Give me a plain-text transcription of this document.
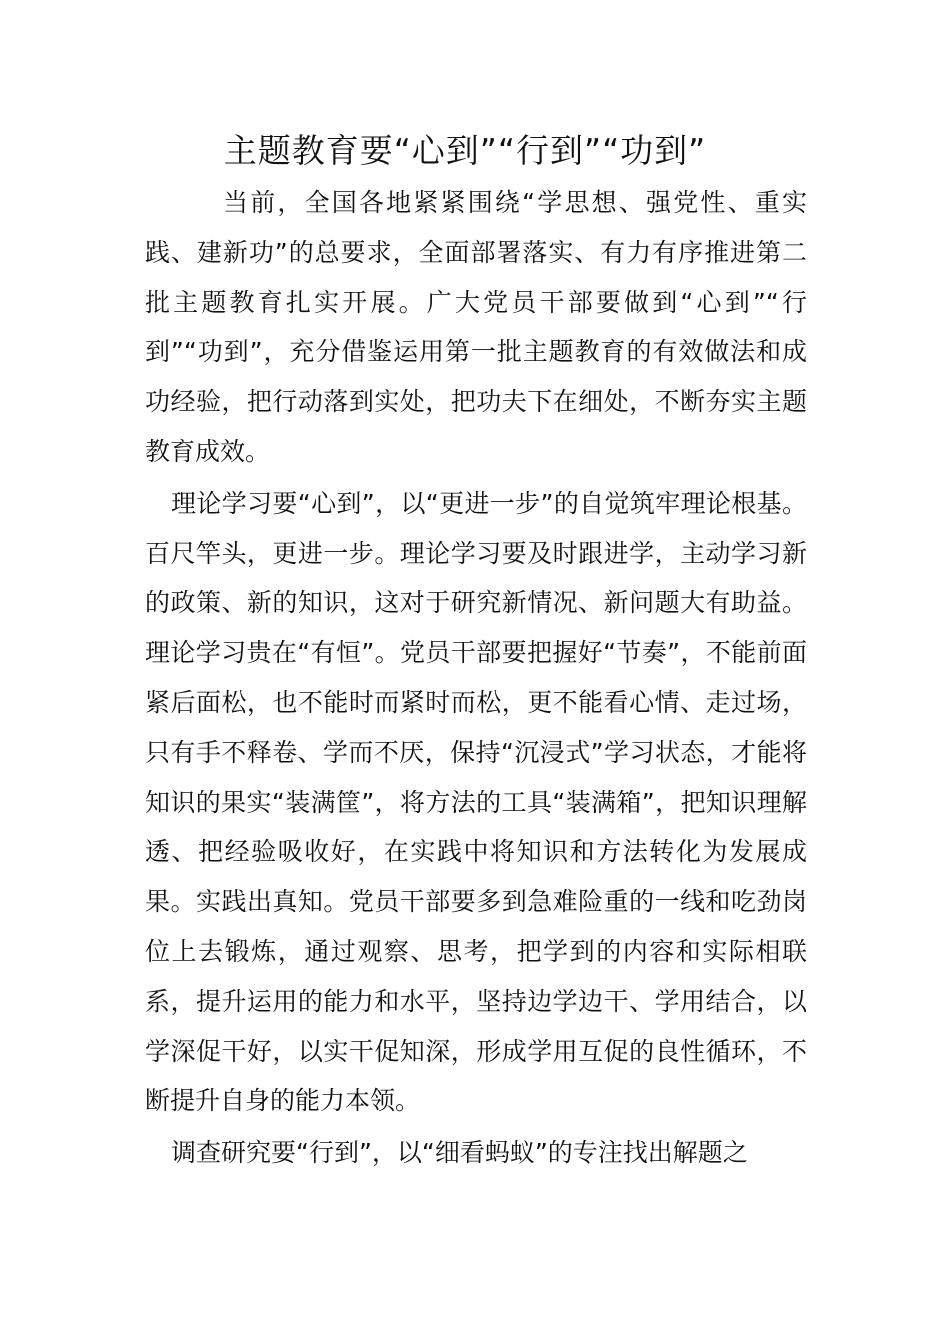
主题教育要“心到”“行到”“功到”

当前，全国各地紧紧围绕“学思想、强党性、重实践、建新功”的总要求，全面部署落实、有力有序推进第二批主题教育扎实开展。广大党员干部要做到“心到”“行到”“功到”，充分借鉴运用第一批主题教育的有效做法和成功经验，把行动落到实处，把功夫下在细处，不断夯实主题教育成效。

理论学习要“心到”，以“更进一步”的自觉筑牢理论根基。百尺竿头，更进一步。理论学习要及时跟进学，主动学习新的政策、新的知识，这对于研究新情况、新问题大有助益。理论学习贵在“有恒”。党员干部要把握好“节奏”，不能前面紧后面松，也不能时而紧时而松，更不能看心情、走过场，只有手不释卷、学而不厌，保持“沉浸式”学习状态，才能将知识的果实“装满筐”，将方法的工具“装满箱”，把知识理解透、把经验吸收好，在实践中将知识和方法转化为发展成果。实践出真知。党员干部要多到急难险重的一线和吃劲岗位上去锻炼，通过观察、思考，把学到的内容和实际相联系，提升运用的能力和水平，坚持边学边干、学用结合，以学深促干好，以实干促知深，形成学用互促的良性循环，不断提升自身的能力本领。

调查研究要“行到”，以“细看蚂蚁”的专注找出解题之
